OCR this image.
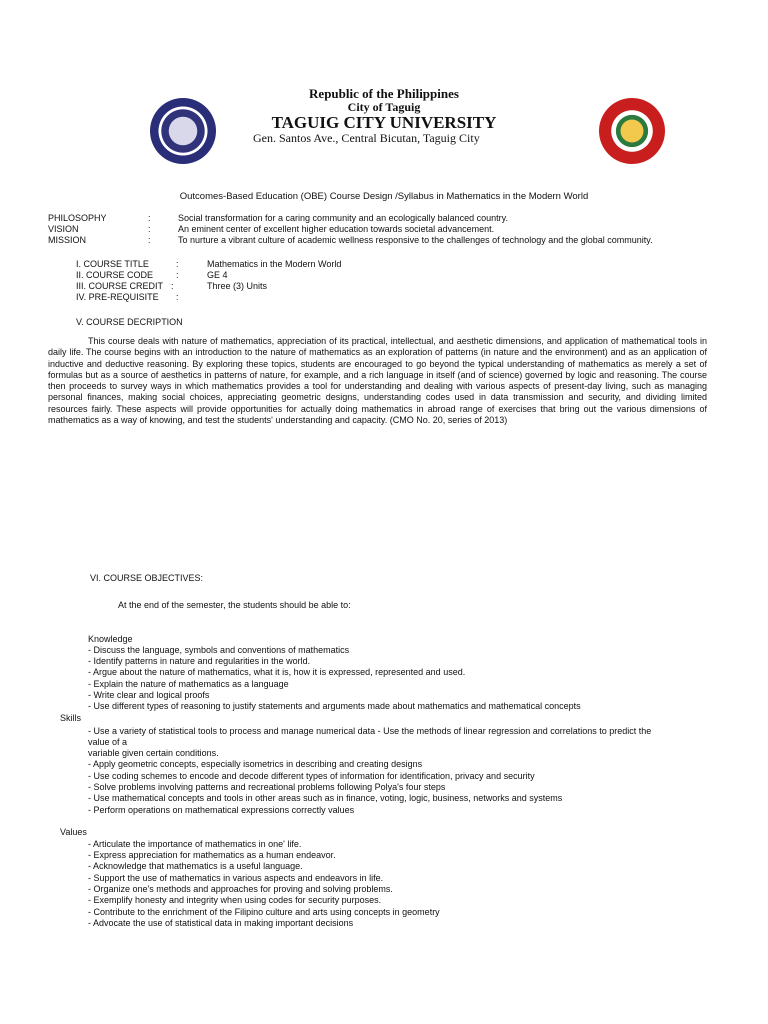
Republic of the Philippines
City of Taguig
TAGUIG CITY UNIVERSITY
Gen. Santos Ave., Central Bicutan, Taguig City
Outcomes-Based Education (OBE) Course Design /Syllabus in Mathematics in the Modern World
PHILOSOPHY	:	Social transformation for a caring community and an ecologically balanced country.
VISION	:	An eminent center of excellent higher education towards societal advancement.
MISSION	:	To nurture a vibrant culture of academic wellness responsive to the challenges of technology and the global community.
I. COURSE TITLE	:	Mathematics in the Modern World
II. COURSE CODE	:	GE 4
III. COURSE CREDIT :	Three (3) Units
IV. PRE-REQUISITE :
V. COURSE DECRIPTION
This course deals with nature of mathematics, appreciation of its practical, intellectual, and aesthetic dimensions, and application of mathematical tools in daily life. The course begins with an introduction to the nature of mathematics as an exploration of patterns (in nature and the environment) and as an application of inductive and deductive reasoning. By exploring these topics, students are encouraged to go beyond the typical understanding of mathematics as merely a set of formulas but as a source of aesthetics in patterns of nature, for example, and a rich language in itself (and of science) governed by logic and reasoning. The course then proceeds to survey ways in which mathematics provides a tool for understanding and dealing with various aspects of present-day living, such as managing personal finances, making social choices, appreciating geometric designs, understanding codes used in data transmission and security, and dividing limited resources fairly. These aspects will provide opportunities for actually doing mathematics in abroad range of exercises that bring out the various dimensions of mathematics as a way of knowing, and test the students' understanding and capacity. (CMO No. 20, series of 2013)
VI. COURSE OBJECTIVES:
At the end of the semester, the students should be able to:
Knowledge
- Discuss the language, symbols and conventions of mathematics
- Identify patterns in nature and regularities in the world.
- Argue about the nature of mathematics, what it is, how it is expressed, represented and used.
- Explain the nature of mathematics as a language
- Write clear and logical proofs
- Use different types of reasoning to justify statements and arguments made about mathematics and mathematical concepts
Skills
- Use a variety of statistical tools to process and manage numerical data - Use the methods of linear regression and correlations to predict the
value of a
variable given certain conditions.
- Apply geometric concepts, especially isometrics in describing and creating designs
- Use coding schemes to encode and decode different types of information for identification, privacy and security
- Solve problems involving patterns and recreational problems following Polya's four steps
- Use mathematical concepts and tools in other areas such as in finance, voting, logic, business, networks and systems
- Perform operations on mathematical expressions correctly values
Values
- Articulate the importance of mathematics in one' life.
- Express appreciation for mathematics as a human endeavor.
- Acknowledge that mathematics is a useful language.
- Support the use of mathematics in various aspects and endeavors in life.
- Organize one's methods and approaches for proving and solving problems.
- Exemplify honesty and integrity when using codes for security purposes.
- Contribute to the enrichment of the Filipino culture and arts using concepts in geometry
- Advocate the use of statistical data in making important decisions
